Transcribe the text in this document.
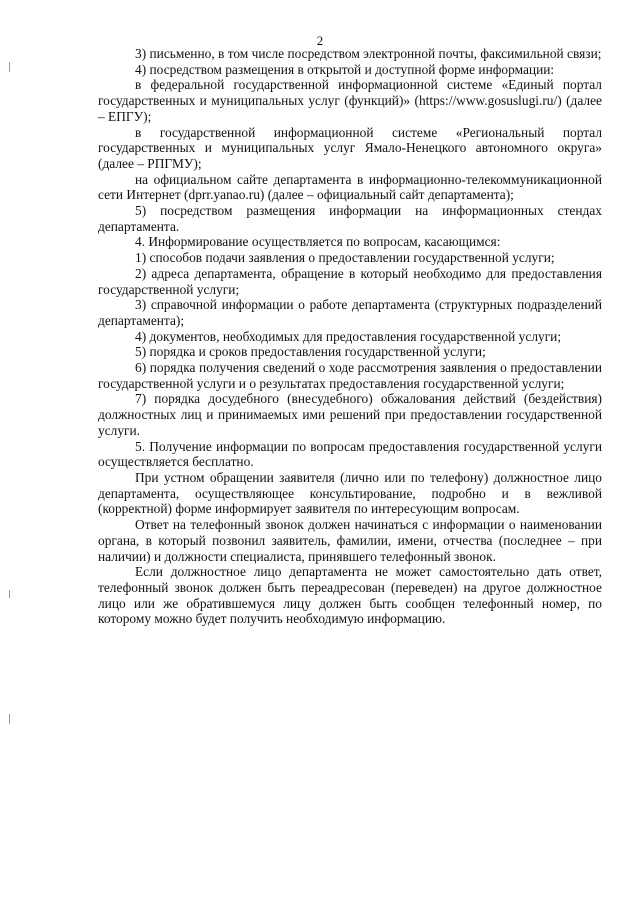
2

3) письменно, в том числе посредством электронной почты, факсимильной связи;

4) посредством размещения в открытой и доступной форме информации:

в федеральной государственной информационной системе «Единый портал государственных и муниципальных услуг (функций)» (https://www.gosuslugi.ru/) (далее – ЕПГУ);

в государственной информационной системе «Региональный портал государственных и муниципальных услуг Ямало-Ненецкого автономного округа» (далее – РПГМУ);

на официальном сайте департамента в информационно-телекоммуникационной сети Интернет (dprr.yanao.ru) (далее – официальный сайт департамента);

5) посредством размещения информации на информационных стендах департамента.

4. Информирование осуществляется по вопросам, касающимся:

1) способов подачи заявления о предоставлении государственной услуги;

2) адреса департамента, обращение в который необходимо для предоставления государственной услуги;

3) справочной информации о работе департамента (структурных подразделений департамента);

4) документов, необходимых для предоставления государственной услуги;

5) порядка и сроков предоставления государственной услуги;

6) порядка получения сведений о ходе рассмотрения заявления о предоставлении государственной услуги и о результатах предоставления государственной услуги;

7) порядка досудебного (внесудебного) обжалования действий (бездействия) должностных лиц и принимаемых ими решений при предоставлении государственной услуги.

5. Получение информации по вопросам предоставления государственной услуги осуществляется бесплатно.

При устном обращении заявителя (лично или по телефону) должностное лицо департамента, осуществляющее консультирование, подробно и в вежливой (корректной) форме информирует заявителя по интересующим вопросам.

Ответ на телефонный звонок должен начинаться с информации о наименовании органа, в который позвонил заявитель, фамилии, имени, отчества (последнее – при наличии) и должности специалиста, принявшего телефонный звонок.

Если должностное лицо департамента не может самостоятельно дать ответ, телефонный звонок должен быть переадресован (переведен) на другое должностное лицо или же обратившемуся лицу должен быть сообщен телефонный номер, по которому можно будет получить необходимую информацию.
